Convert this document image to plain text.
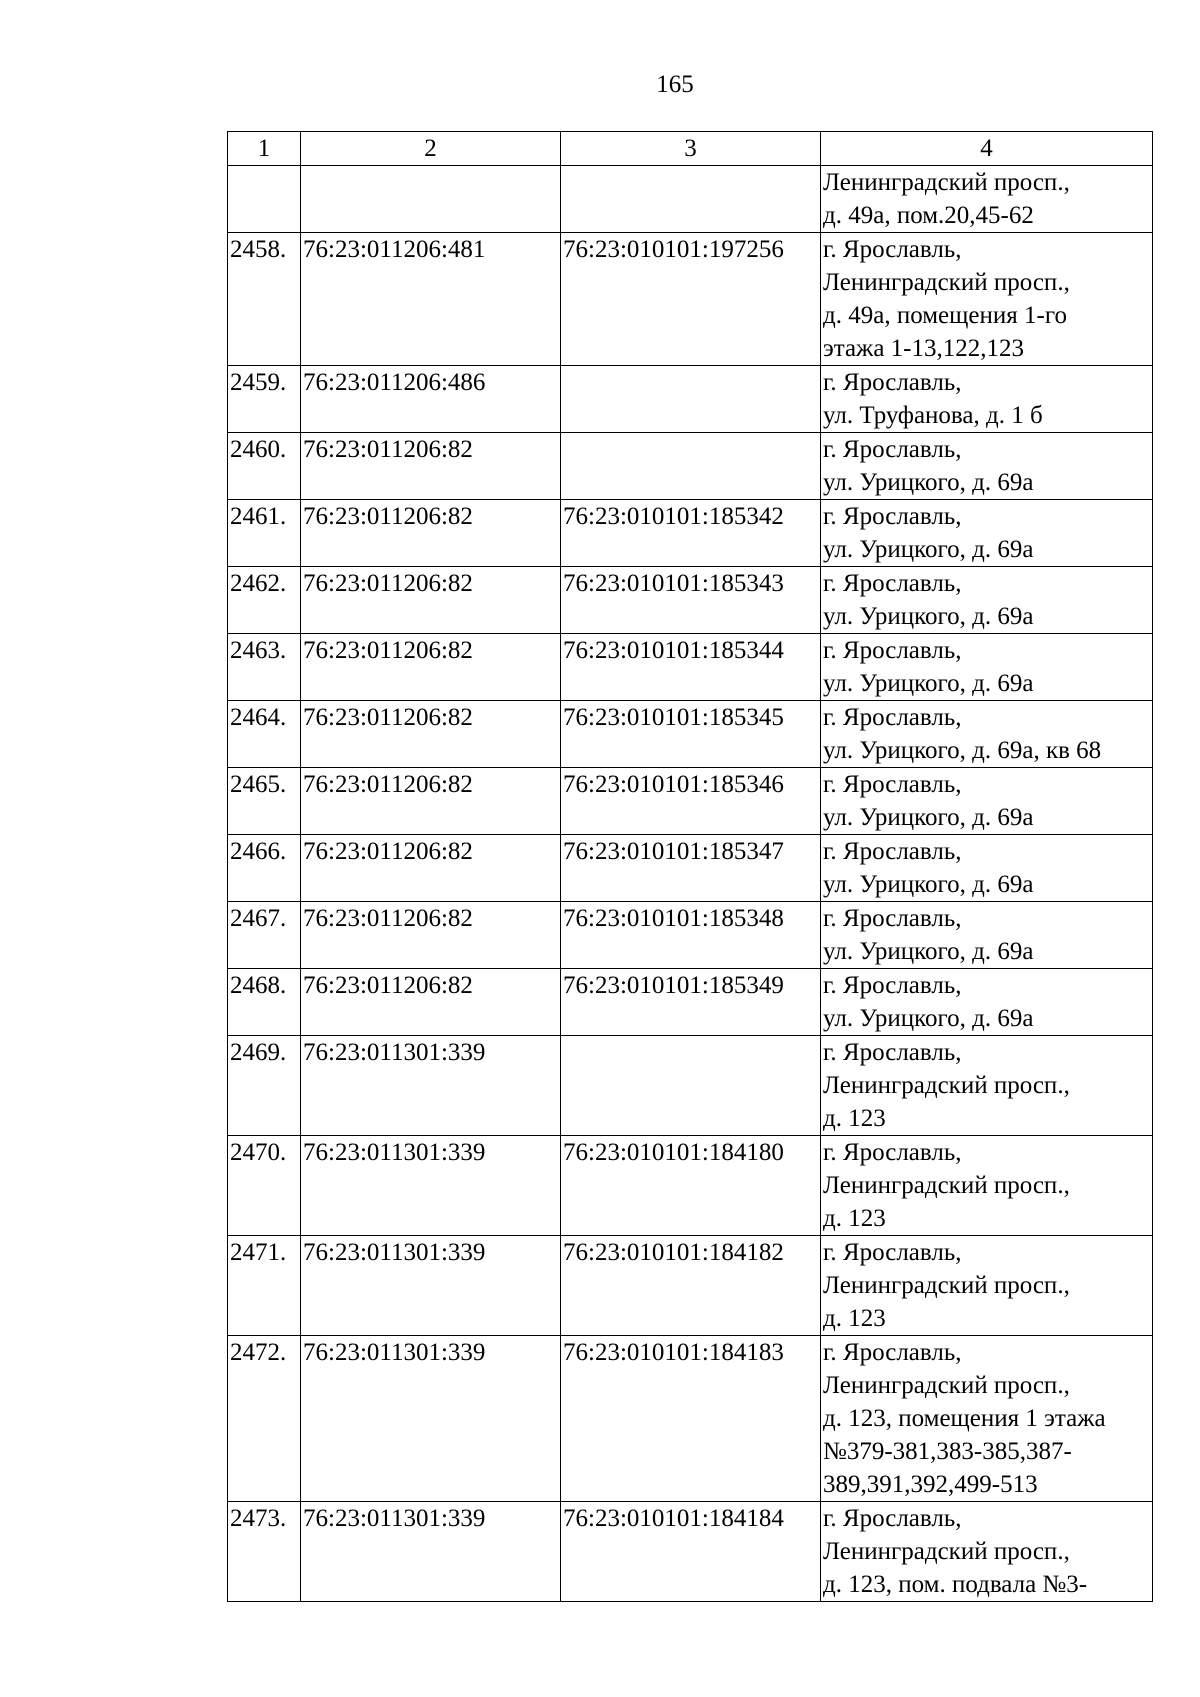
165
1	2	3	4

			Ленинградский просп.,
д. 49а, пом.20,45-62

2458.	76:23:011206:481	76:23:010101:197256	г. Ярославль,
Ленинградский просп.,
д. 49а, помещения 1-го
этажа 1-13,122,123

2459.	76:23:011206:486		г. Ярославль,
ул. Труфанова, д. 1 б

2460.	76:23:011206:82		г. Ярославль,
ул. Урицкого, д. 69а

2461.	76:23:011206:82	76:23:010101:185342	г. Ярославль,
ул. Урицкого, д. 69а

2462.	76:23:011206:82	76:23:010101:185343	г. Ярославль,
ул. Урицкого, д. 69а

2463.	76:23:011206:82	76:23:010101:185344	г. Ярославль,
ул. Урицкого, д. 69а

2464.	76:23:011206:82	76:23:010101:185345	г. Ярославль,
ул. Урицкого, д. 69а, кв 68

2465.	76:23:011206:82	76:23:010101:185346	г. Ярославль,
ул. Урицкого, д. 69а

2466.	76:23:011206:82	76:23:010101:185347	г. Ярославль,
ул. Урицкого, д. 69а

2467.	76:23:011206:82	76:23:010101:185348	г. Ярославль,
ул. Урицкого, д. 69а

2468.	76:23:011206:82	76:23:010101:185349	г. Ярославль,
ул. Урицкого, д. 69а

2469.	76:23:011301:339		г. Ярославль,
Ленинградский просп.,
д. 123

2470.	76:23:011301:339	76:23:010101:184180	г. Ярославль,
Ленинградский просп.,
д. 123

2471.	76:23:011301:339	76:23:010101:184182	г. Ярославль,
Ленинградский просп.,
д. 123

2472.	76:23:011301:339	76:23:010101:184183	г. Ярославль,
Ленинградский просп.,
д. 123, помещения 1 этажа
№379-381,383-385,387-
389,391,392,499-513

2473.	76:23:011301:339	76:23:010101:184184	г. Ярославль,
Ленинградский просп.,
д. 123, пом. подвала №3-
